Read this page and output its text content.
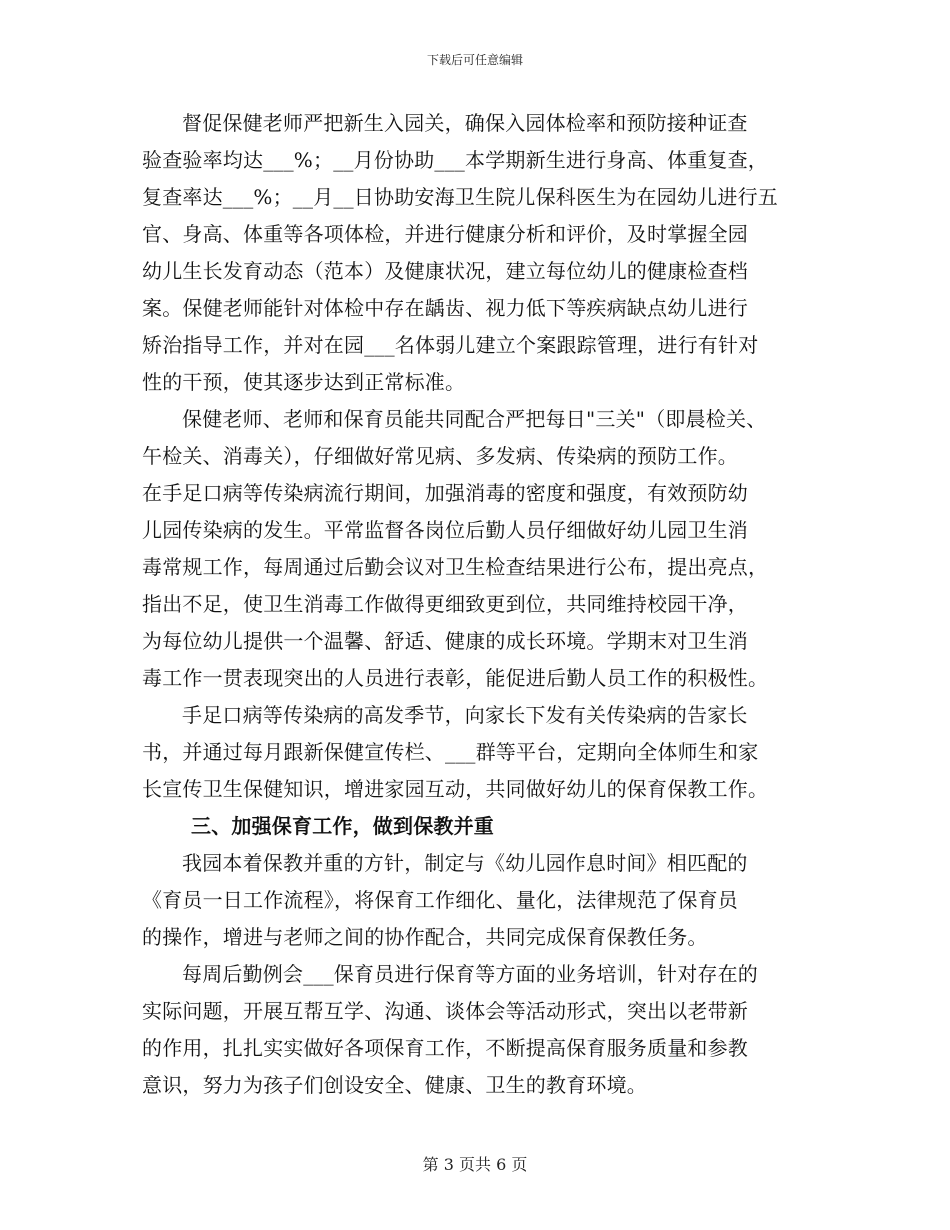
下载后可任意编辑
督促保健老师严把新生入园关，确保入园体检率和预防接种证查
验查验率均达___%；__月份协助___本学期新生进行身高、体重复查，
复查率达___%；__月__日协助安海卫生院儿保科医生为在园幼儿进行五
官、身高、体重等各项体检，并进行健康分析和评价，及时掌握全园
幼儿生长发育动态（范本）及健康状况，建立每位幼儿的健康检查档
案。保健老师能针对体检中存在龋齿、视力低下等疾病缺点幼儿进行
矫治指导工作，并对在园___名体弱儿建立个案跟踪管理，进行有针对
性的干预，使其逐步达到正常标准。
保健老师、老师和保育员能共同配合严把每日"三关"（即晨检关、
午检关、消毒关），仔细做好常见病、多发病、传染病的预防工作。
在手足口病等传染病流行期间，加强消毒的密度和强度，有效预防幼
儿园传染病的发生。平常监督各岗位后勤人员仔细做好幼儿园卫生消
毒常规工作，每周通过后勤会议对卫生检查结果进行公布，提出亮点，
指出不足，使卫生消毒工作做得更细致更到位，共同维持校园干净，
为每位幼儿提供一个温馨、舒适、健康的成长环境。学期末对卫生消
毒工作一贯表现突出的人员进行表彰，能促进后勤人员工作的积极性。
手足口病等传染病的高发季节，向家长下发有关传染病的告家长
书，并通过每月跟新保健宣传栏、___群等平台，定期向全体师生和家
长宣传卫生保健知识，增进家园互动，共同做好幼儿的保育保教工作。
三、加强保育工作，做到保教并重
我园本着保教并重的方针，制定与《幼儿园作息时间》相匹配的
《育员一日工作流程》，将保育工作细化、量化，法律规范了保育员
的操作，增进与老师之间的协作配合，共同完成保育保教任务。
每周后勤例会___保育员进行保育等方面的业务培训，针对存在的
实际问题，开展互帮互学、沟通、谈体会等活动形式，突出以老带新
的作用，扎扎实实做好各项保育工作，不断提高保育服务质量和参教
意识，努力为孩子们创设安全、健康、卫生的教育环境。
第 3 页共 6 页
